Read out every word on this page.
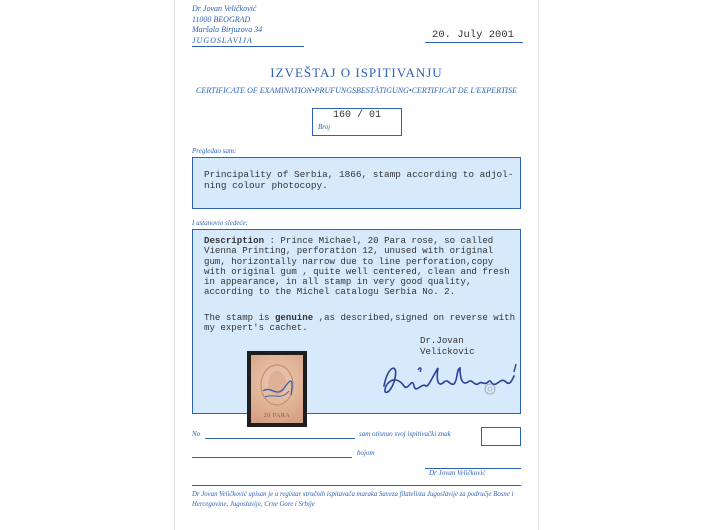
Dr Jovan Veličković
11000 BEOGRAD
Maršala Birjuzova 34
JUGOSLAVIJA	20. July 2001
IZVEŠTAJ O ISPITIVANJU
CERTIFICATE OF EXAMINATION•PRUFUNGSBESTÄTIGUNG•CERTIFICAT DE L'EXPERTISE
160 / 01
Broj
Pregledao sam:
Principality of Serbia, 1866, stamp according to adjol-ning colour photocopy.
I ustanovio sledeće:

Description : Prince Michael, 20 Para rose, so called Vienna Printing, perforation 12, unused with original gum, horizontally narrow due to line perforation,copy with original gum , quite well centered, clean and fresh in appearance, in all stamp in very good quality, according to the Michel catalogu Serbia No. 2.

The stamp is genuine ,as described,signed on reverse with my expert's cachet.

Dr.Jovan Velickovic
20 PARA
No	sam otisnuo svoj ispitivački znak
bojom
Dr Jovan Veličković
Dr Jovan Veličković upisan je u registar stručnih ispitavača maraka Saveza filatelista Jugoslavije za područje Bosne i Hercegovine, Jugoslavije, Crne Gore i Srbije
